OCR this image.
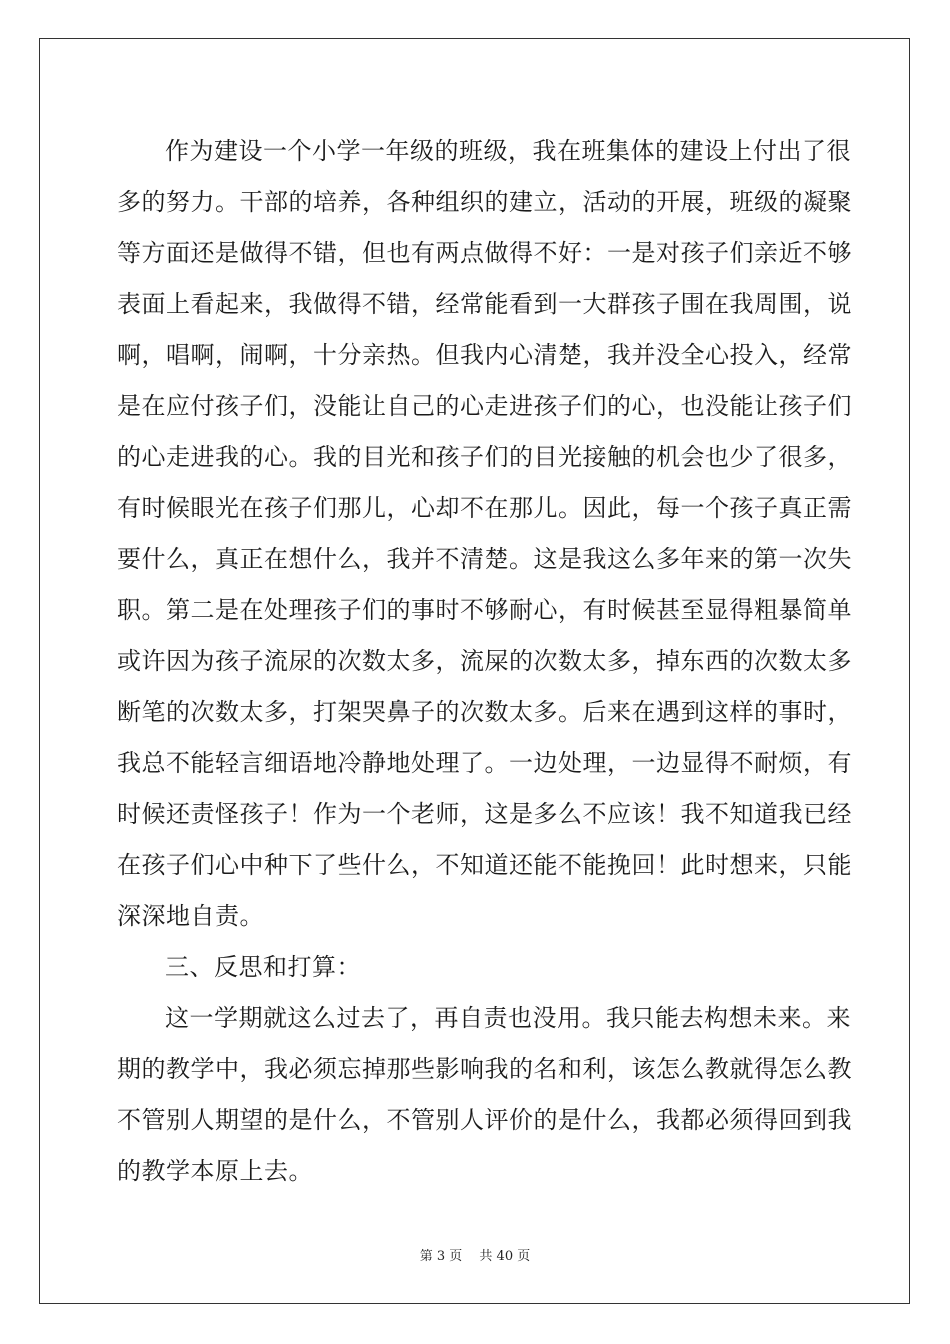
作为建设一个小学一年级的班级，我在班集体的建设上付出了很
多的努力。干部的培养，各种组织的建立，活动的开展，班级的凝聚
等方面还是做得不错，但也有两点做得不好：一是对孩子们亲近不够
表面上看起来，我做得不错，经常能看到一大群孩子围在我周围，说
啊，唱啊，闹啊，十分亲热。但我内心清楚，我并没全心投入，经常
是在应付孩子们，没能让自己的心走进孩子们的心，也没能让孩子们
的心走进我的心。我的目光和孩子们的目光接触的机会也少了很多，
有时候眼光在孩子们那儿，心却不在那儿。因此，每一个孩子真正需
要什么，真正在想什么，我并不清楚。这是我这么多年来的第一次失
职。第二是在处理孩子们的事时不够耐心，有时候甚至显得粗暴简单
或许因为孩子流尿的次数太多，流屎的次数太多，掉东西的次数太多
断笔的次数太多，打架哭鼻子的次数太多。后来在遇到这样的事时，
我总不能轻言细语地冷静地处理了。一边处理，一边显得不耐烦，有
时候还责怪孩子！作为一个老师，这是多么不应该！我不知道我已经
在孩子们心中种下了些什么，不知道还能不能挽回！此时想来，只能
深深地自责。
三、反思和打算：
这一学期就这么过去了，再自责也没用。我只能去构想未来。来
期的教学中，我必须忘掉那些影响我的名和利，该怎么教就得怎么教
不管别人期望的是什么，不管别人评价的是什么，我都必须得回到我
的教学本原上去。
第 3 页　 共 40 页
